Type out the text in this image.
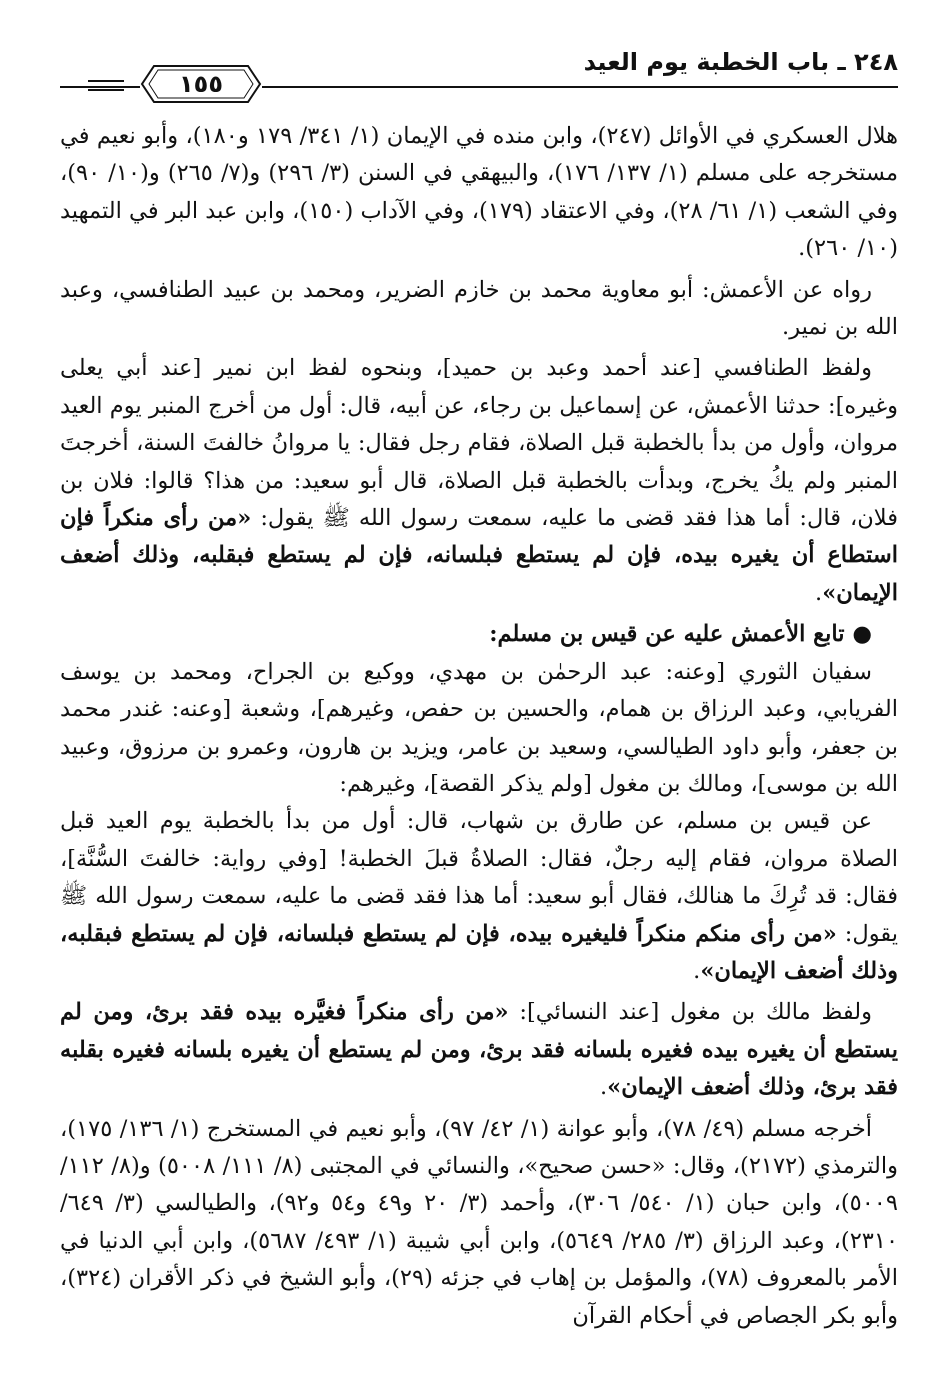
٢٤٨ ـ باب الخطبة يوم العيد
١٥٥

هلال العسكري في الأوائل (٢٤٧)، وابن منده في الإيمان (١/ ٣٤١/ ١٧٩ و١٨٠)، وأبو نعيم في مستخرجه على مسلم (١/ ١٣٧/ ١٧٦)، والبيهقي في السنن (٣/ ٢٩٦) و(٧/ ٢٦٥) و(١٠/ ٩٠)، وفي الشعب (١/ ٦١/ ٢٨)، وفي الاعتقاد (١٧٩)، وفي الآداب (١٥٠)، وابن عبد البر في التمهيد (١٠/ ٢٦٠).

رواه عن الأعمش: أبو معاوية محمد بن خازم الضرير، ومحمد بن عبيد الطنافسي، وعبد الله بن نمير.

ولفظ الطنافسي [عند أحمد وعبد بن حميد]، وبنحوه لفظ ابن نمير [عند أبي يعلى وغيره]: حدثنا الأعمش، عن إسماعيل بن رجاء، عن أبيه، قال: أول من أخرج المنبر يوم العيد مروان، وأول من بدأ بالخطبة قبل الصلاة، فقام رجل فقال: يا مروانُ خالفتَ السنة، أخرجتَ المنبر ولم يكُ يخرج، وبدأت بالخطبة قبل الصلاة، قال أبو سعيد: من هذا؟ قالوا: فلان بن فلان، قال: أما هذا فقد قضى ما عليه، سمعت رسول الله ﷺ يقول: «من رأى منكراً فإن استطاع أن يغيره بيده، فإن لم يستطع فبلسانه، فإن لم يستطع فبقلبه، وذلك أضعف الإيمان».

● تابع الأعمش عليه عن قيس بن مسلم:

سفيان الثوري [وعنه: عبد الرحمٰن بن مهدي، ووكيع بن الجراح، ومحمد بن يوسف الفريابي، وعبد الرزاق بن همام، والحسين بن حفص، وغيرهم]، وشعبة [وعنه: غندر محمد بن جعفر، وأبو داود الطيالسي، وسعيد بن عامر، ويزيد بن هارون، وعمرو بن مرزوق، وعبيد الله بن موسى]، ومالك بن مغول [ولم يذكر القصة]، وغيرهم:

عن قيس بن مسلم، عن طارق بن شهاب، قال: أول من بدأ بالخطبة يوم العيد قبل الصلاة مروان، فقام إليه رجلٌ، فقال: الصلاةُ قبلَ الخطبة! [وفي رواية: خالفتَ السُّنَّة]، فقال: قد تُرِكَ ما هنالك، فقال أبو سعيد: أما هذا فقد قضى ما عليه، سمعت رسول الله ﷺ يقول: «من رأى منكم منكراً فليغيره بيده، فإن لم يستطع فبلسانه، فإن لم يستطع فبقلبه، وذلك أضعف الإيمان».

ولفظ مالك بن مغول [عند النسائي]: «من رأى منكراً فغيَّره بيده فقد برئ، ومن لم يستطع أن يغيره بيده فغيره بلسانه فقد برئ، ومن لم يستطع أن يغيره بلسانه فغيره بقلبه فقد برئ، وذلك أضعف الإيمان».

أخرجه مسلم (٤٩/ ٧٨)، وأبو عوانة (١/ ٤٢/ ٩٧)، وأبو نعيم في المستخرج (١/ ١٣٦/ ١٧٥)، والترمذي (٢١٧٢)، وقال: «حسن صحيح»، والنسائي في المجتبى (٨/ ١١١/ ٥٠٠٨) و(٨/ ١١٢/ ٥٠٠٩)، وابن حبان (١/ ٥٤٠/ ٣٠٦)، وأحمد (٣/ ٢٠ و٤٩ و٥٤ و٩٢)، والطيالسي (٣/ ٦٤٩/ ٢٣١٠)، وعبد الرزاق (٣/ ٢٨٥/ ٥٦٤٩)، وابن أبي شيبة (١/ ٤٩٣/ ٥٦٨٧)، وابن أبي الدنيا في الأمر بالمعروف (٧٨)، والمؤمل بن إهاب في جزئه (٢٩)، وأبو الشيخ في ذكر الأقران (٣٢٤)، وأبو بكر الجصاص في أحكام القرآن
